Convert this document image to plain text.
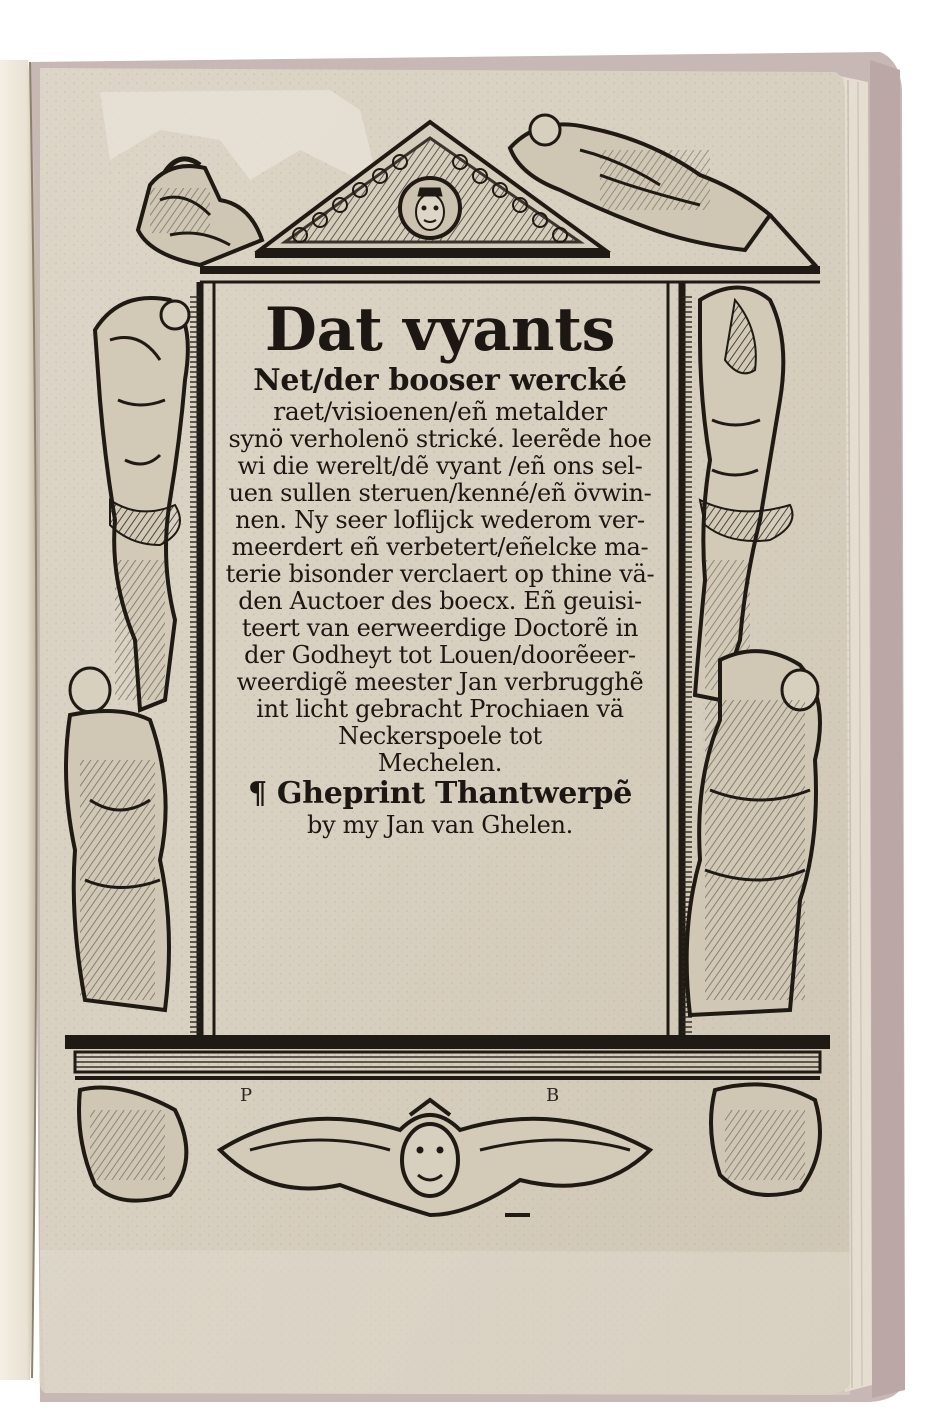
Dat vyants
Net/der booser wercké
raet/visioenen/eñ metalder
synö verholenö strické. leerẽde hoe
wi die werelt/dẽ vyant /eñ ons sel-
uen sullen steruen/kenné/eñ övwin-
nen. Ny seer loflijck wederom ver-
meerdert eñ verbetert/eñelcke ma-
terie bisonder verclaert op thine vä-
den Auctoer des boecx. Eñ geuisi-
teert van eerweerdige Doctorẽ in
der Godheyt tot Louen/doorẽeer-
weerdigẽ meester Jan verbrugghẽ
int licht gebracht Prochiaen vä
Neckerspoele tot
Mechelen.
¶ Gheprint Thantwerpẽ
by my Jan van Ghelen.
P	B
